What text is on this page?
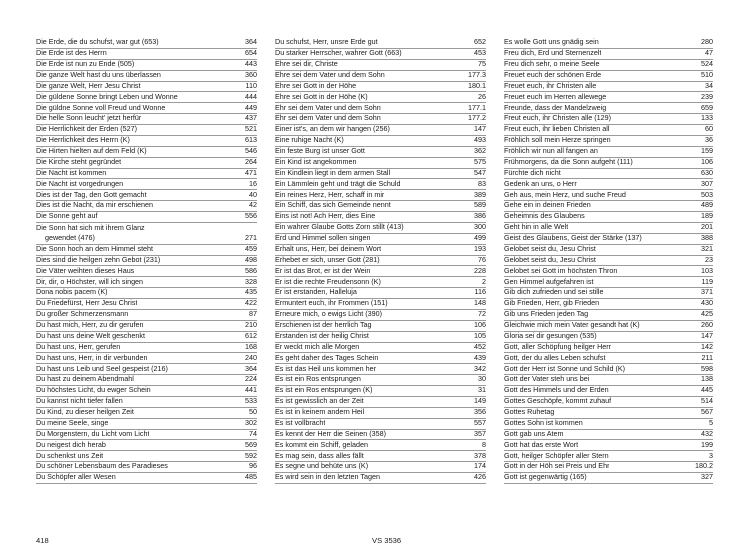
Die Erde, die du schufst, war gut (653)	364
Die Erde ist des Herrn	654
Die Erde ist nun zu Ende (505)	443
Die ganze Welt hast du uns überlassen	360
Die ganze Welt, Herr Jesu Christ	110
Die güldene Sonne bringt Leben und Wonne	444
Die güldne Sonne voll Freud und Wonne	449
Die helle Sonn leucht' jetzt herfür	437
Die Herrlichkeit der Erden (527)	521
Die Herrlichkeit des Herrn (K)	613
Die Hirten hielten auf dem Feld (K)	546
Die Kirche steht gegründet	264
Die Nacht ist kommen	471
Die Nacht ist vorgedrungen	16
Dies ist der Tag, den Gott gemacht	40
Dies ist die Nacht, da mir erschienen	42
Die Sonne geht auf	556
Die Sonn hat sich mit ihrem Glanz
gewendet (476)	271
Die Sonn hoch an dem Himmel steht	459
Dies sind die heilgen zehn Gebot (231)	498
Die Väter weihten dieses Haus	586
Dir, dir, o Höchster, will ich singen	328
Dona nobis pacem (K)	435
Du Friedefürst, Herr Jesu Christ	422
Du großer Schmerzensmann	87
Du hast mich, Herr, zu dir gerufen	210
Du hast uns deine Welt geschenkt	612
Du hast uns, Herr, gerufen	168
Du hast uns, Herr, in dir verbunden	240
Du hast uns Leib und Seel gespeist (216)	364
Du hast zu deinem Abendmahl	224
Du höchstes Licht, du ewger Schein	441
Du kannst nicht tiefer fallen	533
Du Kind, zu dieser heilgen Zeit	50
Du meine Seele, singe	302
Du Morgenstern, du Licht vom Licht	74
Du neigest dich herab	569
Du schenkst uns Zeit	592
Du schöner Lebensbaum des Paradieses	96
Du Schöpfer aller Wesen	485
Du schufst, Herr, unsre Erde gut	652
Du starker Herrscher, wahrer Gott (663)	453
Ehre sei dir, Christe	75
Ehre sei dem Vater und dem Sohn	177.3
Ehre sei Gott in der Höhe	180.1
Ehre sei Gott in der Höhe (K)	26
Ehr sei dem Vater und dem Sohn	177.1
Ehr sei dem Vater und dem Sohn	177.2
Einer ist's, an dem wir hangen (256)	147
Eine ruhige Nacht (K)	493
Ein feste Burg ist unser Gott	362
Ein Kind ist angekommen	575
Ein Kindlein liegt in dem armen Stall	547
Ein Lämmlein geht und trägt die Schuld	83
Ein reines Herz, Herr, schaff in mir	389
Ein Schiff, das sich Gemeinde nennt	589
Eins ist not! Ach Herr, dies Eine	386
Ein wahrer Glaube Gotts Zorn stillt (413)	300
Erd und Himmel sollen singen	499
Erhalt uns, Herr, bei deinem Wort	193
Erhebet er sich, unser Gott (281)	76
Er ist das Brot, er ist der Wein	228
Er ist die rechte Freudensonn (K)	2
Er ist erstanden, Halleluja	116
Ermuntert euch, ihr Frommen (151)	148
Erneure mich, o ewigs Licht (390)	72
Erschienen ist der herrlich Tag	106
Erstanden ist der heilig Christ	105
Er weckt mich alle Morgen	452
Es geht daher des Tages Schein	439
Es ist das Heil uns kommen her	342
Es ist ein Ros entsprungen	30
Es ist ein Ros entsprungen (K)	31
Es ist gewisslich an der Zeit	149
Es ist in keinem andern Heil	356
Es ist vollbracht	557
Es kennt der Herr die Seinen (358)	357
Es kommt ein Schiff, geladen	8
Es mag sein, dass alles fällt	378
Es segne und behüte uns (K)	174
Es wird sein in den letzten Tagen	426
Es wolle Gott uns gnädig sein	280
Freu dich, Erd und Sternenzelt	47
Freu dich sehr, o meine Seele	524
Freuet euch der schönen Erde	510
Freuet euch, ihr Christen alle	34
Freuet euch im Herren allewege	239
Freunde, dass der Mandelzweig	659
Freut euch, ihr Christen alle (129)	133
Freut euch, ihr lieben Christen all	60
Fröhlich soll mein Herze springen	36
Fröhlich wir nun all fangen an	159
Frühmorgens, da die Sonn aufgeht (111)	106
Fürchte dich nicht	630
Gedenk an uns, o Herr	307
Geh aus, mein Herz, und suche Freud	503
Gehe ein in deinen Frieden	489
Geheimnis des Glaubens	189
Geht hin in alle Welt	201
Geist des Glaubens, Geist der Stärke (137)	388
Gelobet seist du, Jesu Christ	321
Gelobet seist du, Jesu Christ	23
Gelobet sei Gott im höchsten Thron	103
Gen Himmel aufgefahren ist	119
Gib dich zufrieden und sei stille	371
Gib Frieden, Herr, gib Frieden	430
Gib uns Frieden jeden Tag	425
Gleichwie mich mein Vater gesandt hat (K)	260
Gloria sei dir gesungen (535)	147
Gott, aller Schöpfung heilger Herr	142
Gott, der du alles Leben schufst	211
Gott der Herr ist Sonne und Schild (K)	598
Gott der Vater steh uns bei	138
Gott des Himmels und der Erden	445
Gottes Geschöpfe, kommt zuhauf	514
Gottes Ruhetag	567
Gottes Sohn ist kommen	5
Gott gab uns Atem	432
Gott hat das erste Wort	199
Gott, heilger Schöpfer aller Stern	3
Gott in der Höh sei Preis und Ehr	180.2
Gott ist gegenwärtig (165)	327
418	VS 3536
